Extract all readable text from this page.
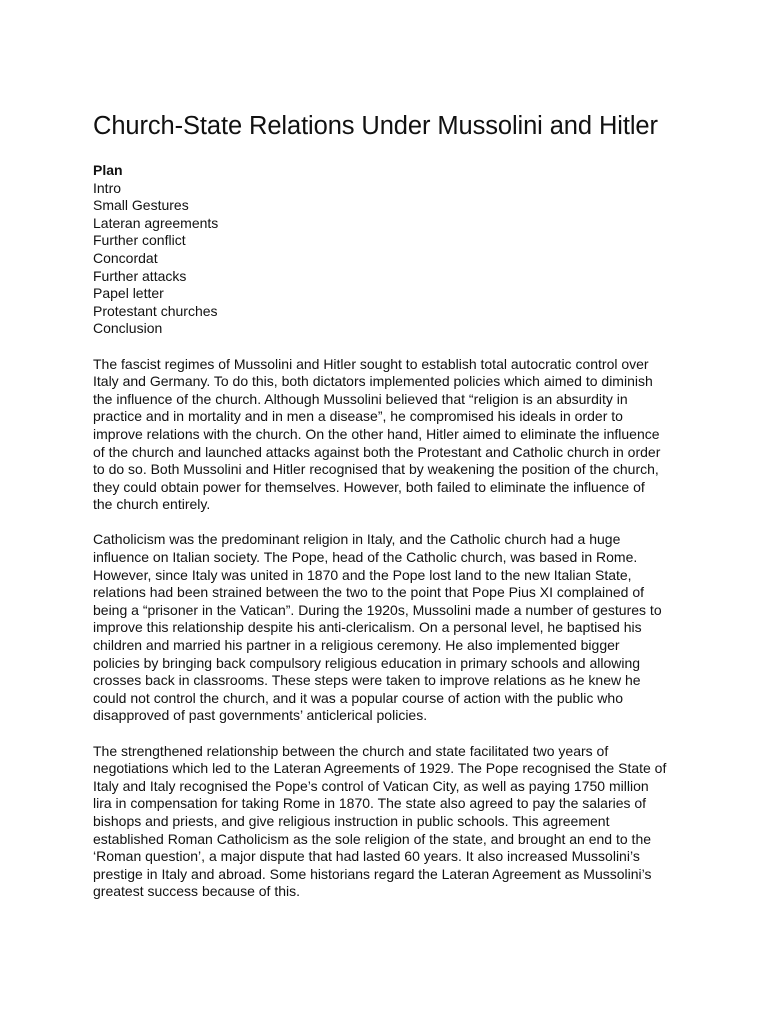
Church-State Relations Under Mussolini and Hitler

Plan

Intro
Small Gestures
Lateran agreements
Further conflict
Concordat
Further attacks
Papel letter
Protestant churches
Conclusion

The fascist regimes of Mussolini and Hitler sought to establish total autocratic control over
Italy and Germany. To do this, both dictators implemented policies which aimed to diminish
the influence of the church. Although Mussolini believed that “religion is an absurdity in
practice and in mortality and in men a disease”, he compromised his ideals in order to
improve relations with the church. On the other hand, Hitler aimed to eliminate the influence
of the church and launched attacks against both the Protestant and Catholic church in order
to do so. Both Mussolini and Hitler recognised that by weakening the position of the church,
they could obtain power for themselves. However, both failed to eliminate the influence of
the church entirely.

Catholicism was the predominant religion in Italy, and the Catholic church had a huge
influence on Italian society. The Pope, head of the Catholic church, was based in Rome.
However, since Italy was united in 1870 and the Pope lost land to the new Italian State,
relations had been strained between the two to the point that Pope Pius XI complained of
being a “prisoner in the Vatican”. During the 1920s, Mussolini made a number of gestures to
improve this relationship despite his anti-clericalism. On a personal level, he baptised his
children and married his partner in a religious ceremony. He also implemented bigger
policies by bringing back compulsory religious education in primary schools and allowing
crosses back in classrooms. These steps were taken to improve relations as he knew he
could not control the church, and it was a popular course of action with the public who
disapproved of past governments’ anticlerical policies.

The strengthened relationship between the church and state facilitated two years of
negotiations which led to the Lateran Agreements of 1929. The Pope recognised the State of
Italy and Italy recognised the Pope’s control of Vatican City, as well as paying 1750 million
lira in compensation for taking Rome in 1870. The state also agreed to pay the salaries of
bishops and priests, and give religious instruction in public schools. This agreement
established Roman Catholicism as the sole religion of the state, and brought an end to the
‘Roman question’, a major dispute that had lasted 60 years. It also increased Mussolini’s
prestige in Italy and abroad. Some historians regard the Lateran Agreement as Mussolini’s
greatest success because of this.
